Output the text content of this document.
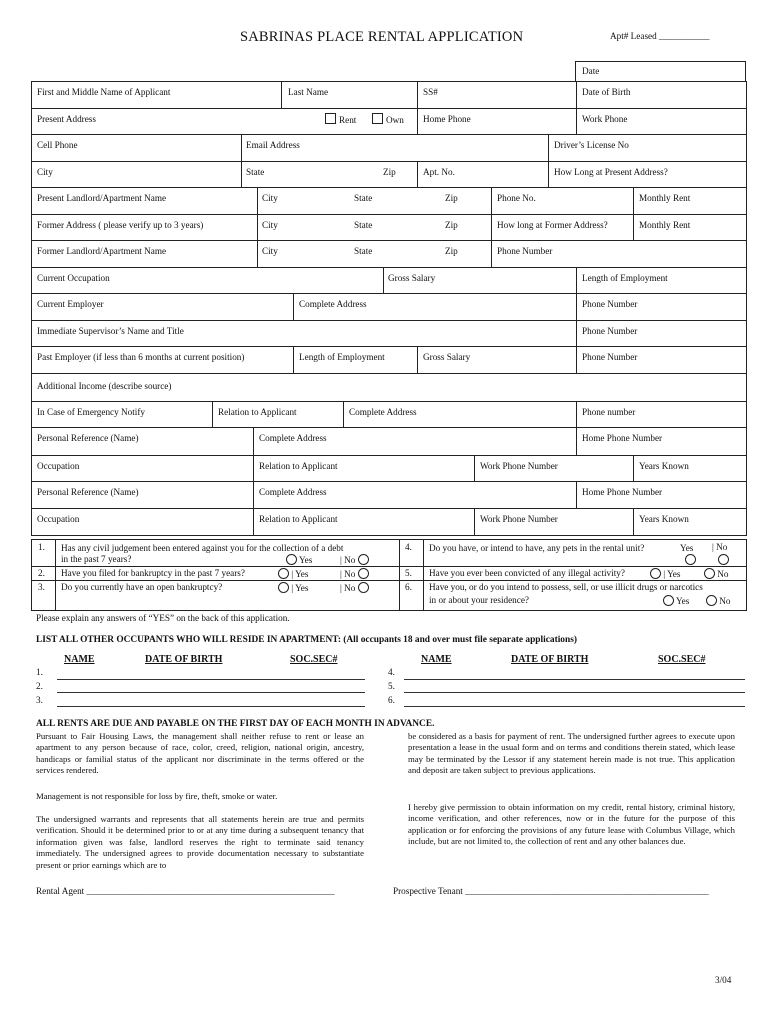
SABRINAS PLACE RENTAL APPLICATION	Apt# Leased ___________
Date
First and Middle Name of Applicant	Last Name	SS#	Date of Birth
Present Address	Rent	Own Home Phone	Work Phone
Cell Phone	Email Address	Driver’s License No
City	State	Zip	Apt. No.	How Long at Present Address?
Present Landlord/Apartment Name	City	State	Zip	Phone No.	Monthly Rent
Former Address ( please verify up to 3 years)	City	State	Zip	How long at Former Address?	Monthly Rent
Former Landlord/Apartment Name	City	State	Zip	Phone Number
Current Occupation	Gross Salary	Length of Employment
Current Employer	Complete Address	Phone Number
Immediate Supervisor’s Name and Title	Phone Number
Past Employer (if less than 6 months at current position)	Length of Employment	Gross Salary	Phone Number
Additional Income (describe source)
In Case of Emergency Notify	Relation to Applicant	Complete Address	Phone number
Personal Reference (Name)	Complete Address	Home Phone Number
Occupation	Relation to Applicant	Work Phone Number	Years Known
Personal Reference (Name)	Complete Address	Home Phone Number
Occupation	Relation to Applicant	Work Phone Number	Years Known
1. Has any civil judgement been entered against you for the collection of a debt
in the past 7 years?	Yes	| No
2. Have you filed for bankruptcy in the past 7 years?	| Yes	| No
3. Do you currently have an open bankruptcy?	| Yes	| No
4. Do you have, or intend to have, any pets in the rental unit?	Yes | No
5. Have you ever been convicted of any illegal activity?	| Yes	No
6. Have you, or do you intend to possess, sell, or use illicit drugs or narcotics
in or about your residence?	Yes	No
Please explain any answers of “YES” on the back of this application.
LIST ALL OTHER OCCUPANTS WHO WILL RESIDE IN APARTMENT: (All occupants 18 and over must file separate applications)
NAME	DATE OF BIRTH	SOC.SEC#	NAME	DATE OF BIRTH	SOC.SEC#
1.
2.
3.
4.
5.
6.
ALL RENTS ARE DUE AND PAYABLE ON THE FIRST DAY OF EACH MONTH IN ADVANCE.
Pursuant to Fair Housing Laws, the management shall neither refuse to rent or lease an apartment to any person because of race, color, creed, religion, national origin, ancestry, handicaps or familial status of the applicant nor discriminate in the terms offered or the services rendered.
Management is not responsible for loss by fire, theft, smoke or water.
The undersigned warrants and represents that all statements herein are true and permits verification. Should it be determined prior to or at any time during a subsequent tenancy that information given was false, landlord reserves the right to terminate said tenancy immediately. The undersigned agrees to provide documentation necessary to substantiate present or prior earnings which are to
be considered as a basis for payment of rent. The undersigned further agrees to execute upon presentation a lease in the usual form and on terms and conditions therein stated, which lease may be terminated by the Lessor if any statement herein made is not true. This application and deposit are taken subject to previous applications.
I hereby give permission to obtain information on my credit, rental history, criminal history, income verification, and other references, now or in the future for the purpose of this application or for enforcing the provisions of any future lease with Columbus Village, which include, but are not limited to, the collection of rent and any other balances due.
Rental Agent ______________________________________________________	Prospective Tenant _____________________________________________________
3/04
